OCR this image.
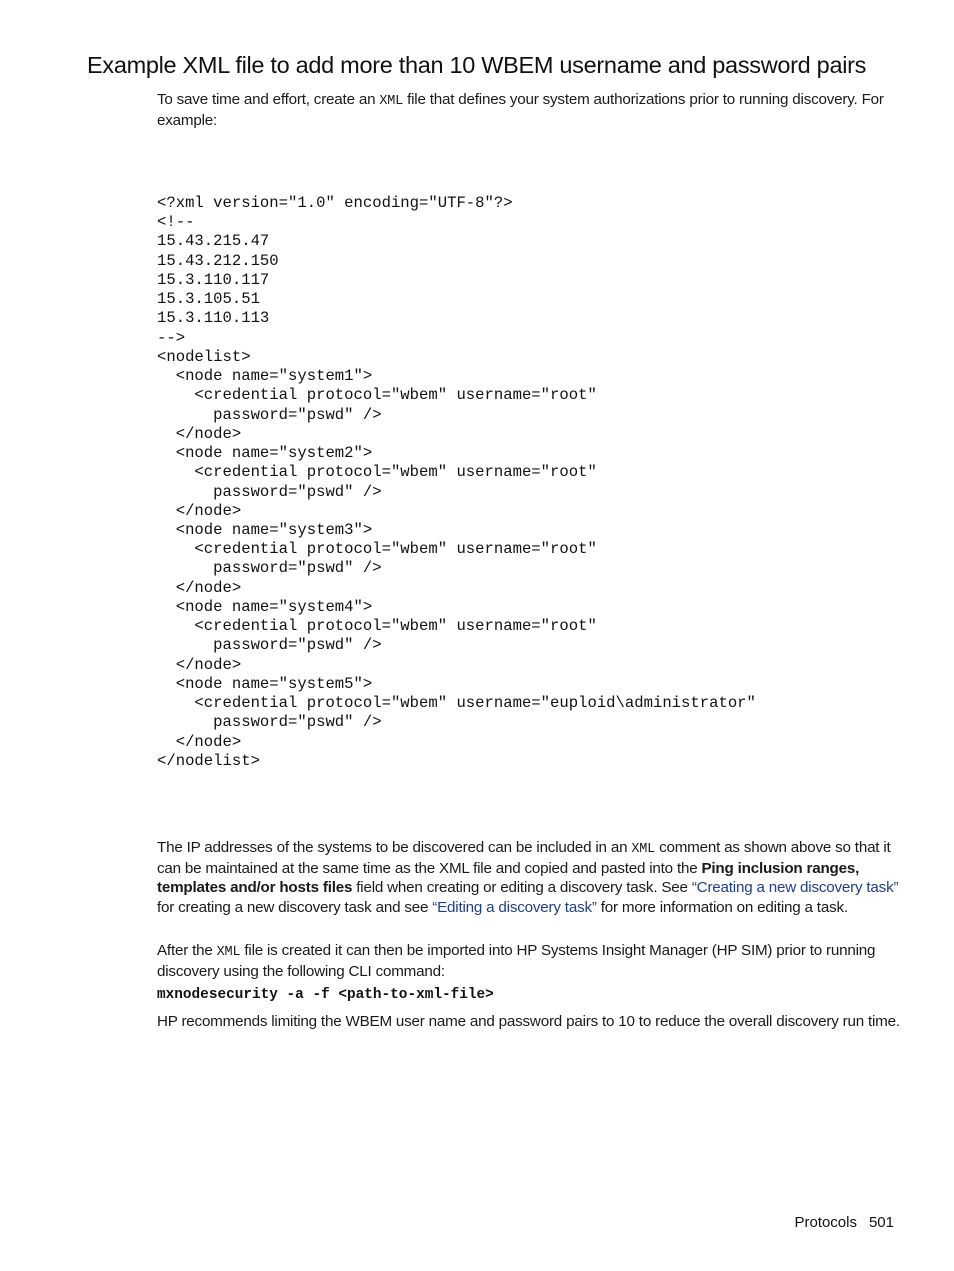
Example XML file to add more than 10 WBEM username and password pairs

To save time and effort, create an XML file that defines your system authorizations prior to running discovery. For example:

<?xml version="1.0" encoding="UTF-8"?>
<!--
15.43.215.47
15.43.212.150
15.3.110.117
15.3.105.51
15.3.110.113
-->
<nodelist>
<node name="system1">
<credential protocol="wbem" username="root"
password="pswd" />
</node>
<node name="system2">
<credential protocol="wbem" username="root"
password="pswd" />
</node>
<node name="system3">
<credential protocol="wbem" username="root"
password="pswd" />
</node>
<node name="system4">
<credential protocol="wbem" username="root"
password="pswd" />
</node>
<node name="system5">
<credential protocol="wbem" username="euploid\administrator"
password="pswd" />
</node>
</nodelist>

The IP addresses of the systems to be discovered can be included in an XML comment as shown above so that it can be maintained at the same time as the XML file and copied and pasted into the Ping inclusion ranges, templates and/or hosts files field when creating or editing a discovery task. See “Creating a new discovery task” for creating a new discovery task and see “Editing a discovery task” for more information on editing a task.

After the XML file is created it can then be imported into HP Systems Insight Manager (HP SIM) prior to running discovery using the following CLI command:

mxnodesecurity -a -f <path-to-xml-file>

HP recommends limiting the WBEM user name and password pairs to 10 to reduce the overall discovery run time.

Protocols 501
